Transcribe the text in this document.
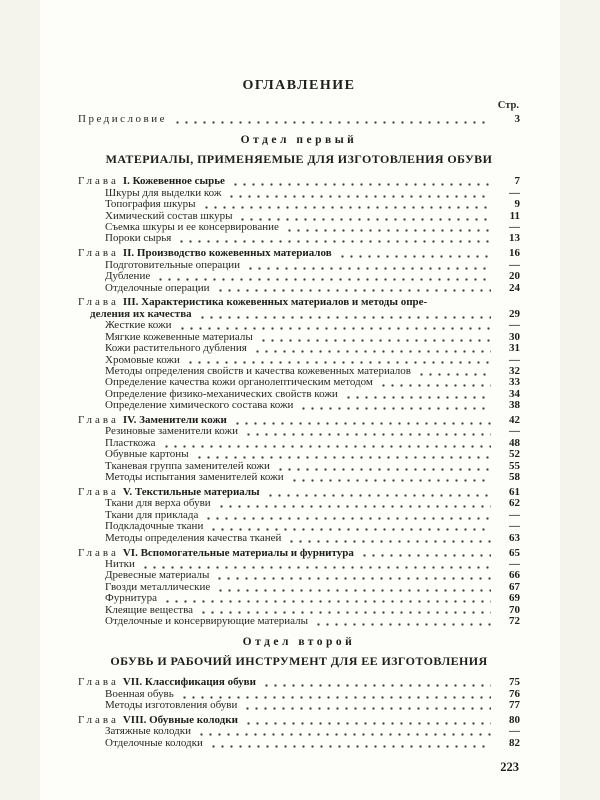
ОГЛАВЛЕНИЕ
Стр.
Предисловие	3
Отдел первый
МАТЕРИАЛЫ, ПРИМЕНЯЕМЫЕ ДЛЯ ИЗГОТОВЛЕНИЯ ОБУВИ
Глава I. Кожевенное сырье	7
Шкуры для выделки кож	—
Топография шкуры	9
Химический состав шкуры	11
Съемка шкуры и ее консервирование	—
Пороки сырья	13
Глава II. Производство кожевенных материалов	16
Подготовительные операции	—
Дубление	20
Отделочные операции	24
Глава III. Характеристика кожевенных материалов и методы опре-
деления их качества	29
Жесткие кожи	—
Мягкие кожевенные материалы	30
Кожи растительного дубления	31
Хромовые кожи	—
Методы определения свойств и качества кожевенных материалов	32
Определение качества кожи органолептическим методом	33
Определение физико-механических свойств кожи	34
Определение химического состава кожи	38
Глава IV. Заменители кожи	42
Резиновые заменители кожи	—
Пласткожа	48
Обувные картоны	52
Тканевая группа заменителей кожи	55
Методы испытания заменителей кожи	58
Глава V. Текстильные материалы	61
Ткани для верха обуви	62
Ткани для приклада	—
Подкладочные ткани	—
Методы определения качества тканей	63
Глава VI. Вспомогательные материалы и фурнитура	65
Нитки	—
Древесные материалы	66
Гвозди металлические	67
Фурнитура	69
Клеящие вещества	70
Отделочные и консервирующие материалы	72
Отдел второй
ОБУВЬ И РАБОЧИЙ ИНСТРУМЕНТ ДЛЯ ЕЕ ИЗГОТОВЛЕНИЯ
Глава VII. Классификация обуви	75
Военная обувь	76
Методы изготовления обуви	77
Глава VIII. Обувные колодки	80
Затяжные колодки	—
Отделочные колодки	82
223
